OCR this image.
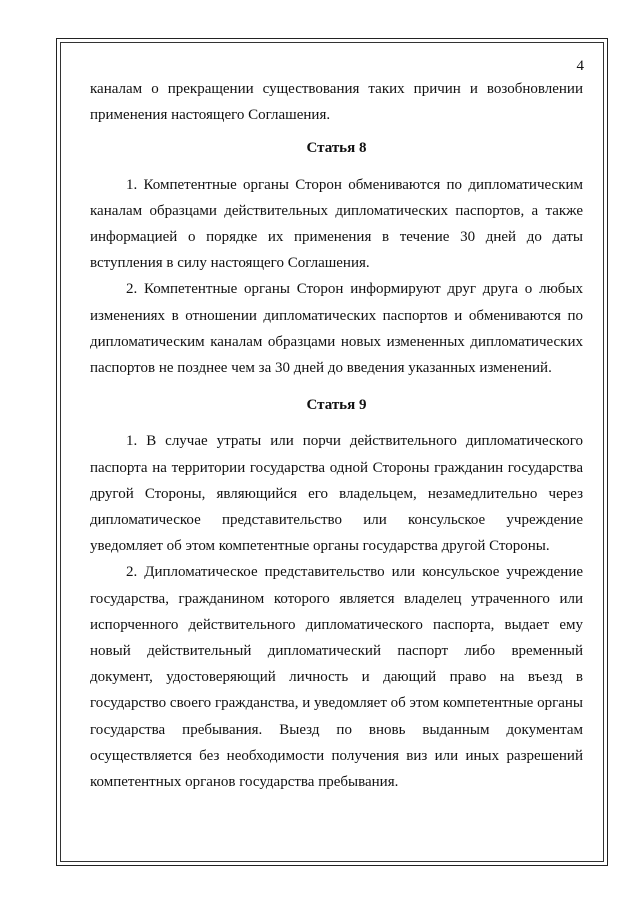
4

каналам о прекращении существования таких причин и возобновлении применения настоящего Соглашения.

Статья 8

1. Компетентные органы Сторон обмениваются по дипломатическим каналам образцами действительных дипломатических паспортов, а также информацией о порядке их применения в течение 30 дней до даты вступления в силу настоящего Соглашения.

2. Компетентные органы Сторон информируют друг друга о любых изменениях в отношении дипломатических паспортов и обмениваются по дипломатическим каналам образцами новых измененных дипломатических паспортов не позднее чем за 30 дней до введения указанных изменений.

Статья 9

1. В случае утраты или порчи действительного дипломатического паспорта на территории государства одной Стороны гражданин государства другой Стороны, являющийся его владельцем, незамедлительно через дипломатическое представительство или консульское учреждение уведомляет об этом компетентные органы государства другой Стороны.

2. Дипломатическое представительство или консульское учреждение государства, гражданином которого является владелец утраченного или испорченного действительного дипломатического паспорта, выдает ему новый действительный дипломатический паспорт либо временный документ, удостоверяющий личность и дающий право на въезд в государство своего гражданства, и уведомляет об этом компетентные органы государства пребывания. Выезд по вновь выданным документам осуществляется без необходимости получения виз или иных разрешений компетентных органов государства пребывания.
